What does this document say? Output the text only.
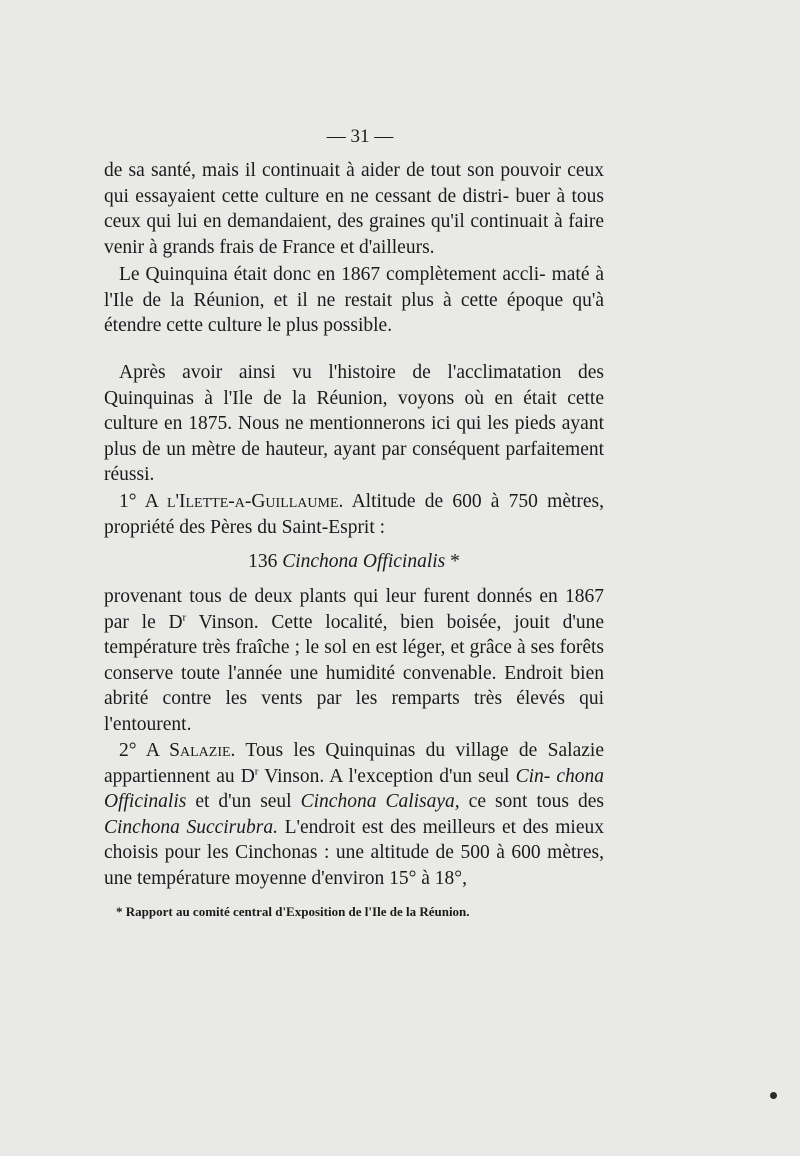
— 31 —

de sa santé, mais il continuait à aider de tout son pouvoir ceux qui essayaient cette culture en ne cessant de distri- buer à tous ceux qui lui en demandaient, des graines qu'il continuait à faire venir à grands frais de France et d'ailleurs.

Le Quinquina était donc en 1867 complètement accli- maté à l'Ile de la Réunion, et il ne restait plus à cette époque qu'à étendre cette culture le plus possible.

Après avoir ainsi vu l'histoire de l'acclimatation des Quinquinas à l'Ile de la Réunion, voyons où en était cette culture en 1875. Nous ne mentionnerons ici qui les pieds ayant plus de un mètre de hauteur, ayant par conséquent parfaitement réussi.

1° A l'Ilette-a-Guillaume. Altitude de 600 à 750 mètres, propriété des Pères du Saint-Esprit :

136 Cinchona Officinalis *

provenant tous de deux plants qui leur furent donnés en 1867 par le $D^r$ Vinson. Cette localité, bien boisée, jouit d'une température très fraîche ; le sol en est léger, et grâce à ses forêts conserve toute l'année une humidité convenable. Endroit bien abrité contre les vents par les remparts très élevés qui l'entourent.

2° A Salazie. Tous les Quinquinas du village de Salazie appartiennent au $D^r$ Vinson. A l'exception d'un seul Cin- chona Officinalis et d'un seul Cinchona Calisaya, ce sont tous des Cinchona Succirubra. L'endroit est des meilleurs et des mieux choisis pour les Cinchonas : une altitude de 500 à 600 mètres, une température moyenne d'environ 15° à 18°,

* Rapport au comité central d'Exposition de l'Ile de la Réunion.
